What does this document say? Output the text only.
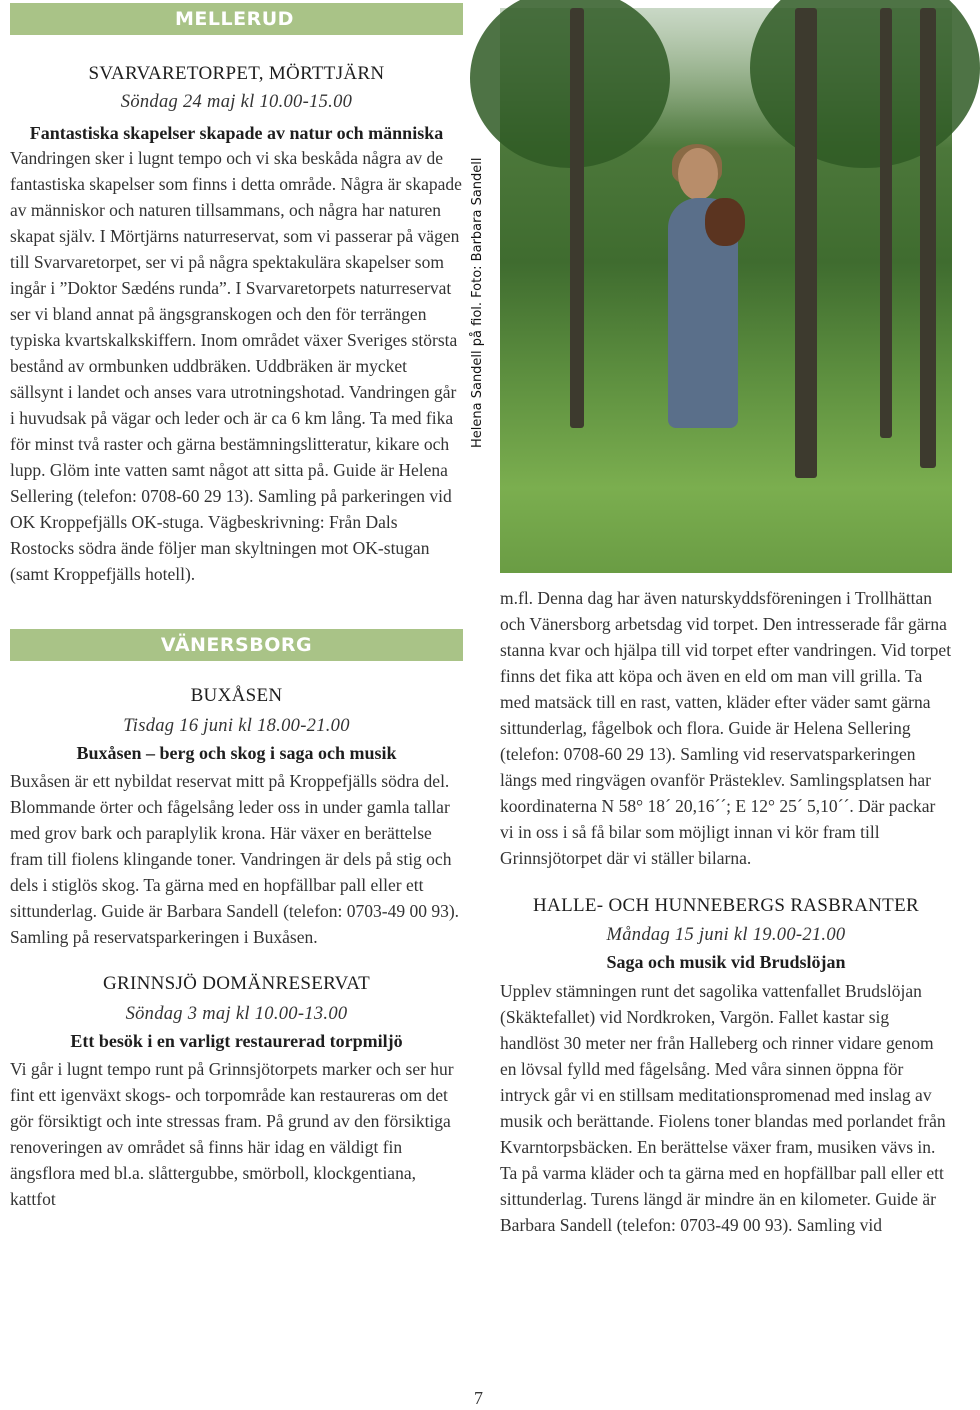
MELLERUD

SVARVARETORPET, MÖRTTJÄRN

Söndag 24 maj kl 10.00-15.00

Fantastiska skapelser skapade av natur och människa

Vandringen sker i lugnt tempo och vi ska beskåda några av de fantastiska skapelser som finns i detta område. Några är skapade av människor och naturen tillsammans, och några har naturen skapat själv. I Mörtjärns naturreservat, som vi passerar på vägen till Svarvaretorpet, ser vi på några spektakulära skapelser som ingår i ”Doktor Sædéns runda”. I Svarvaretorpets naturreservat ser vi bland annat på ängsgranskogen och den för terrängen typiska kvartskalkskiffern. Inom området växer Sveriges största bestånd av ormbunken uddbräken. Uddbräken är mycket sällsynt i landet och anses vara utrotningshotad. Vandringen går i huvudsak på vägar och leder och är ca 6 km lång. Ta med fika för minst två raster och gärna bestämningslitteratur, kikare och lupp. Glöm inte vatten samt något att sitta på. Guide är Helena Sellering (telefon: 0708-60 29 13). Samling på parkeringen vid OK Kroppefjälls OK-stuga. Vägbeskrivning: Från Dals Rostocks södra ände följer man skyltningen mot OK-stugan (samt Kroppefjälls hotell).

VÄNERSBORG

BUXÅSEN

Tisdag 16 juni kl 18.00-21.00

Buxåsen – berg och skog i saga och musik

Buxåsen är ett nybildat reservat mitt på Kroppefjälls södra del. Blommande örter och fågelsång leder oss in under gamla tallar med grov bark och paraplylik krona. Här växer en berättelse fram till fiolens klingande toner. Vandringen är dels på stig och dels i stiglös skog. Ta gärna med en hopfällbar pall eller ett sittunderlag. Guide är Barbara Sandell (telefon: 0703-49 00 93). Samling på reservatsparkeringen i Buxåsen.

GRINNSJÖ DOMÄNRESERVAT

Söndag 3 maj kl 10.00-13.00

Ett besök i en varligt restaurerad torpmiljö

Vi går i lugnt tempo runt på Grinnsjötorpets marker och ser hur fint ett igenväxt skogs- och torpområde kan restaureras om det gör försiktigt och inte stressas fram. På grund av den försiktiga renoveringen av området så finns här idag en väldigt fin ängsflora med bl.a. slåttergubbe, smörboll, klockgentiana, kattfot

Helena Sandell på fiol. Foto: Barbara Sandell

m.fl. Denna dag har även naturskyddsföreningen i Trollhättan och Vänersborg arbetsdag vid torpet. Den intresserade får gärna stanna kvar och hjälpa till vid torpet efter vandringen. Vid torpet finns det fika att köpa och även en eld om man vill grilla. Ta med matsäck till en rast, vatten, kläder efter väder samt gärna sittunderlag, fågelbok och flora. Guide är Helena Sellering (telefon: 0708-60 29 13). Samling vid reservatsparkeringen längs med ringvägen ovanför Prästeklev. Samlingsplatsen har koordinaterna N 58° 18´ 20,16´´; E 12° 25´ 5,10´´. Där packar vi in oss i så få bilar som möjligt innan vi kör fram till Grinnsjötorpet där vi ställer bilarna.

HALLE- OCH HUNNEBERGS RASBRANTER

Måndag 15 juni kl 19.00-21.00

Saga och musik vid Brudslöjan

Upplev stämningen runt det sagolika vattenfallet Brudslöjan (Skäktefallet) vid Nordkroken, Vargön. Fallet kastar sig handlöst 30 meter ner från Halleberg och rinner vidare genom en lövsal fylld med fågelsång. Med våra sinnen öppna för intryck går vi en stillsam meditationspromenad med inslag av musik och berättande. Fiolens toner blandas med porlandet från Kvarntorpsbäcken. En berättelse växer fram, musiken vävs in. Ta på varma kläder och ta gärna med en hopfällbar pall eller ett sittunderlag. Turens längd är mindre än en kilometer. Guide är Barbara Sandell (telefon: 0703-49 00 93). Samling vid

7
